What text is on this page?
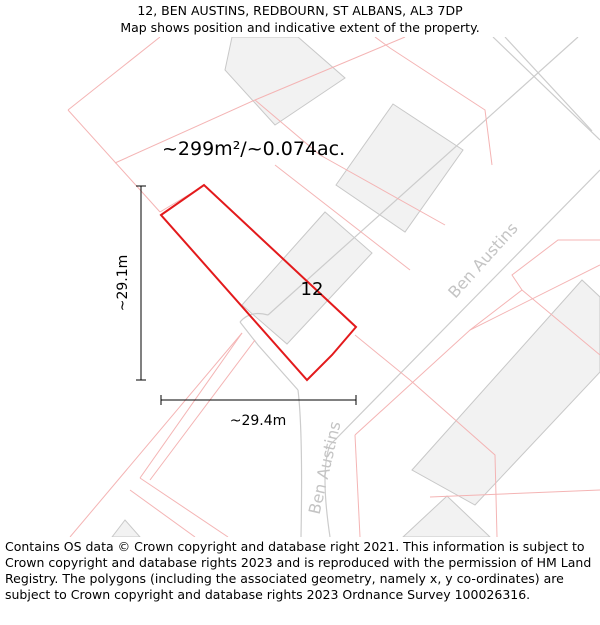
12, BEN AUSTINS, REDBOURN, ST ALBANS, AL3 7DP
Map shows position and indicative extent of the property.
~299m²/~0.074ac.
12
~29.1m
~29.4m
Ben Austins
Ben Austins
Contains OS data © Crown copyright and database right 2021. This information is subject to Crown copyright and database rights 2023 and is reproduced with the permission of HM Land Registry. The polygons (including the associated geometry, namely x, y co-ordinates) are subject to Crown copyright and database rights 2023 Ordnance Survey 100026316.
